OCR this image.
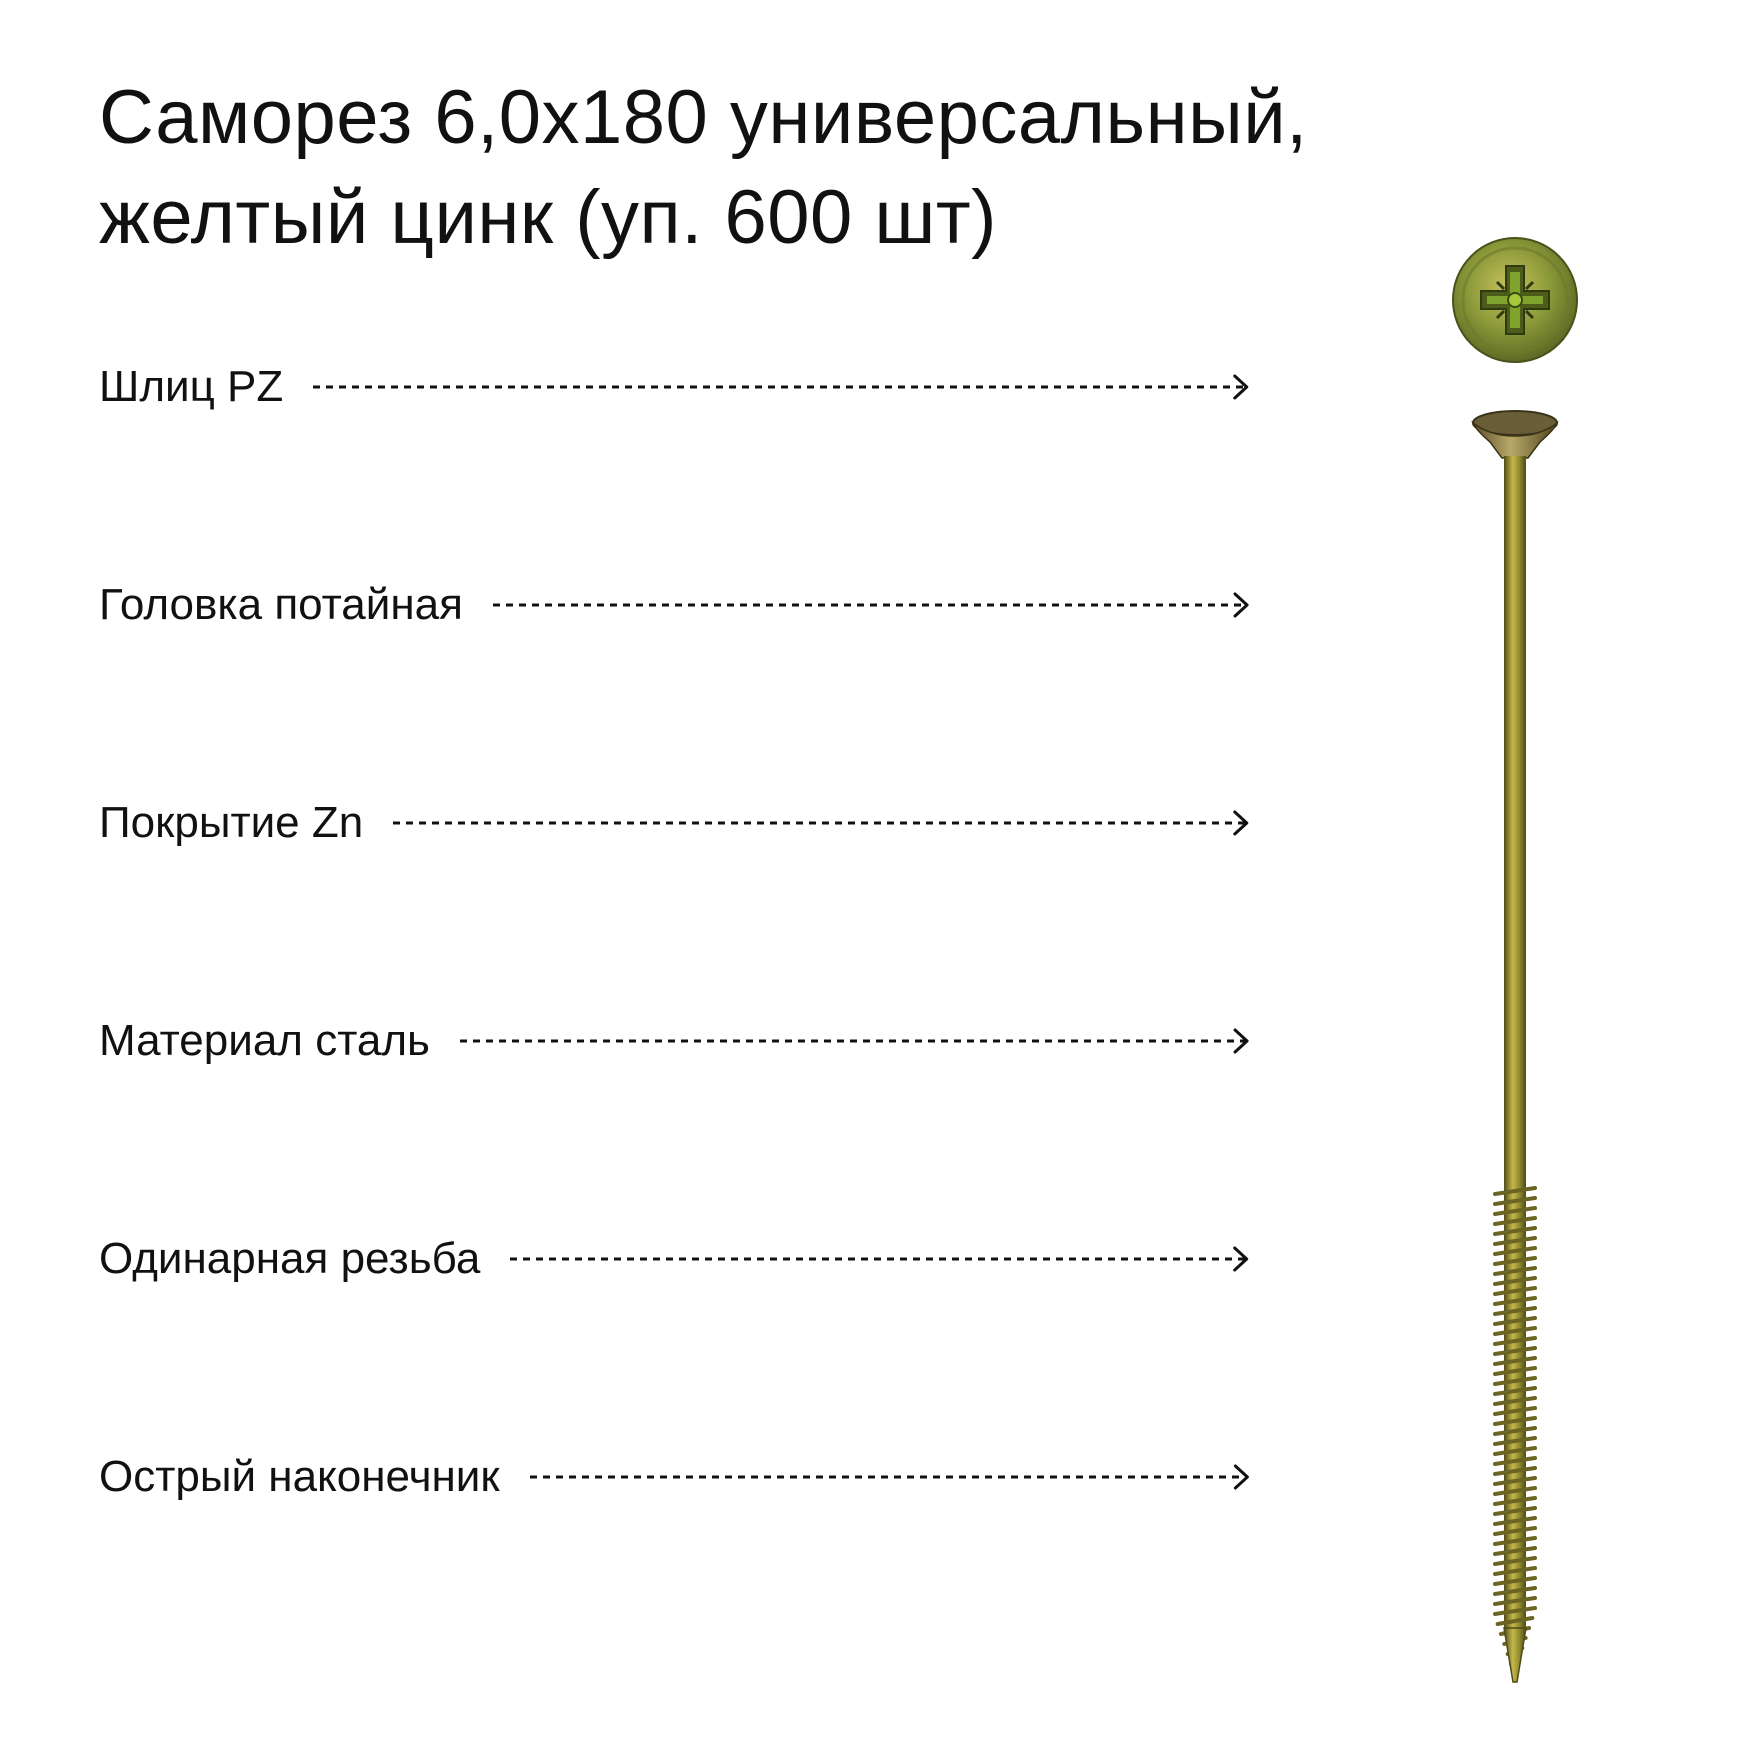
Саморез 6,0х180 универсальный,
желтый цинк (уп. 600 шт)
Шлиц PZ
Головка потайная
Покрытие Zn
Материал сталь
Одинарная резьба
Острый наконечник
